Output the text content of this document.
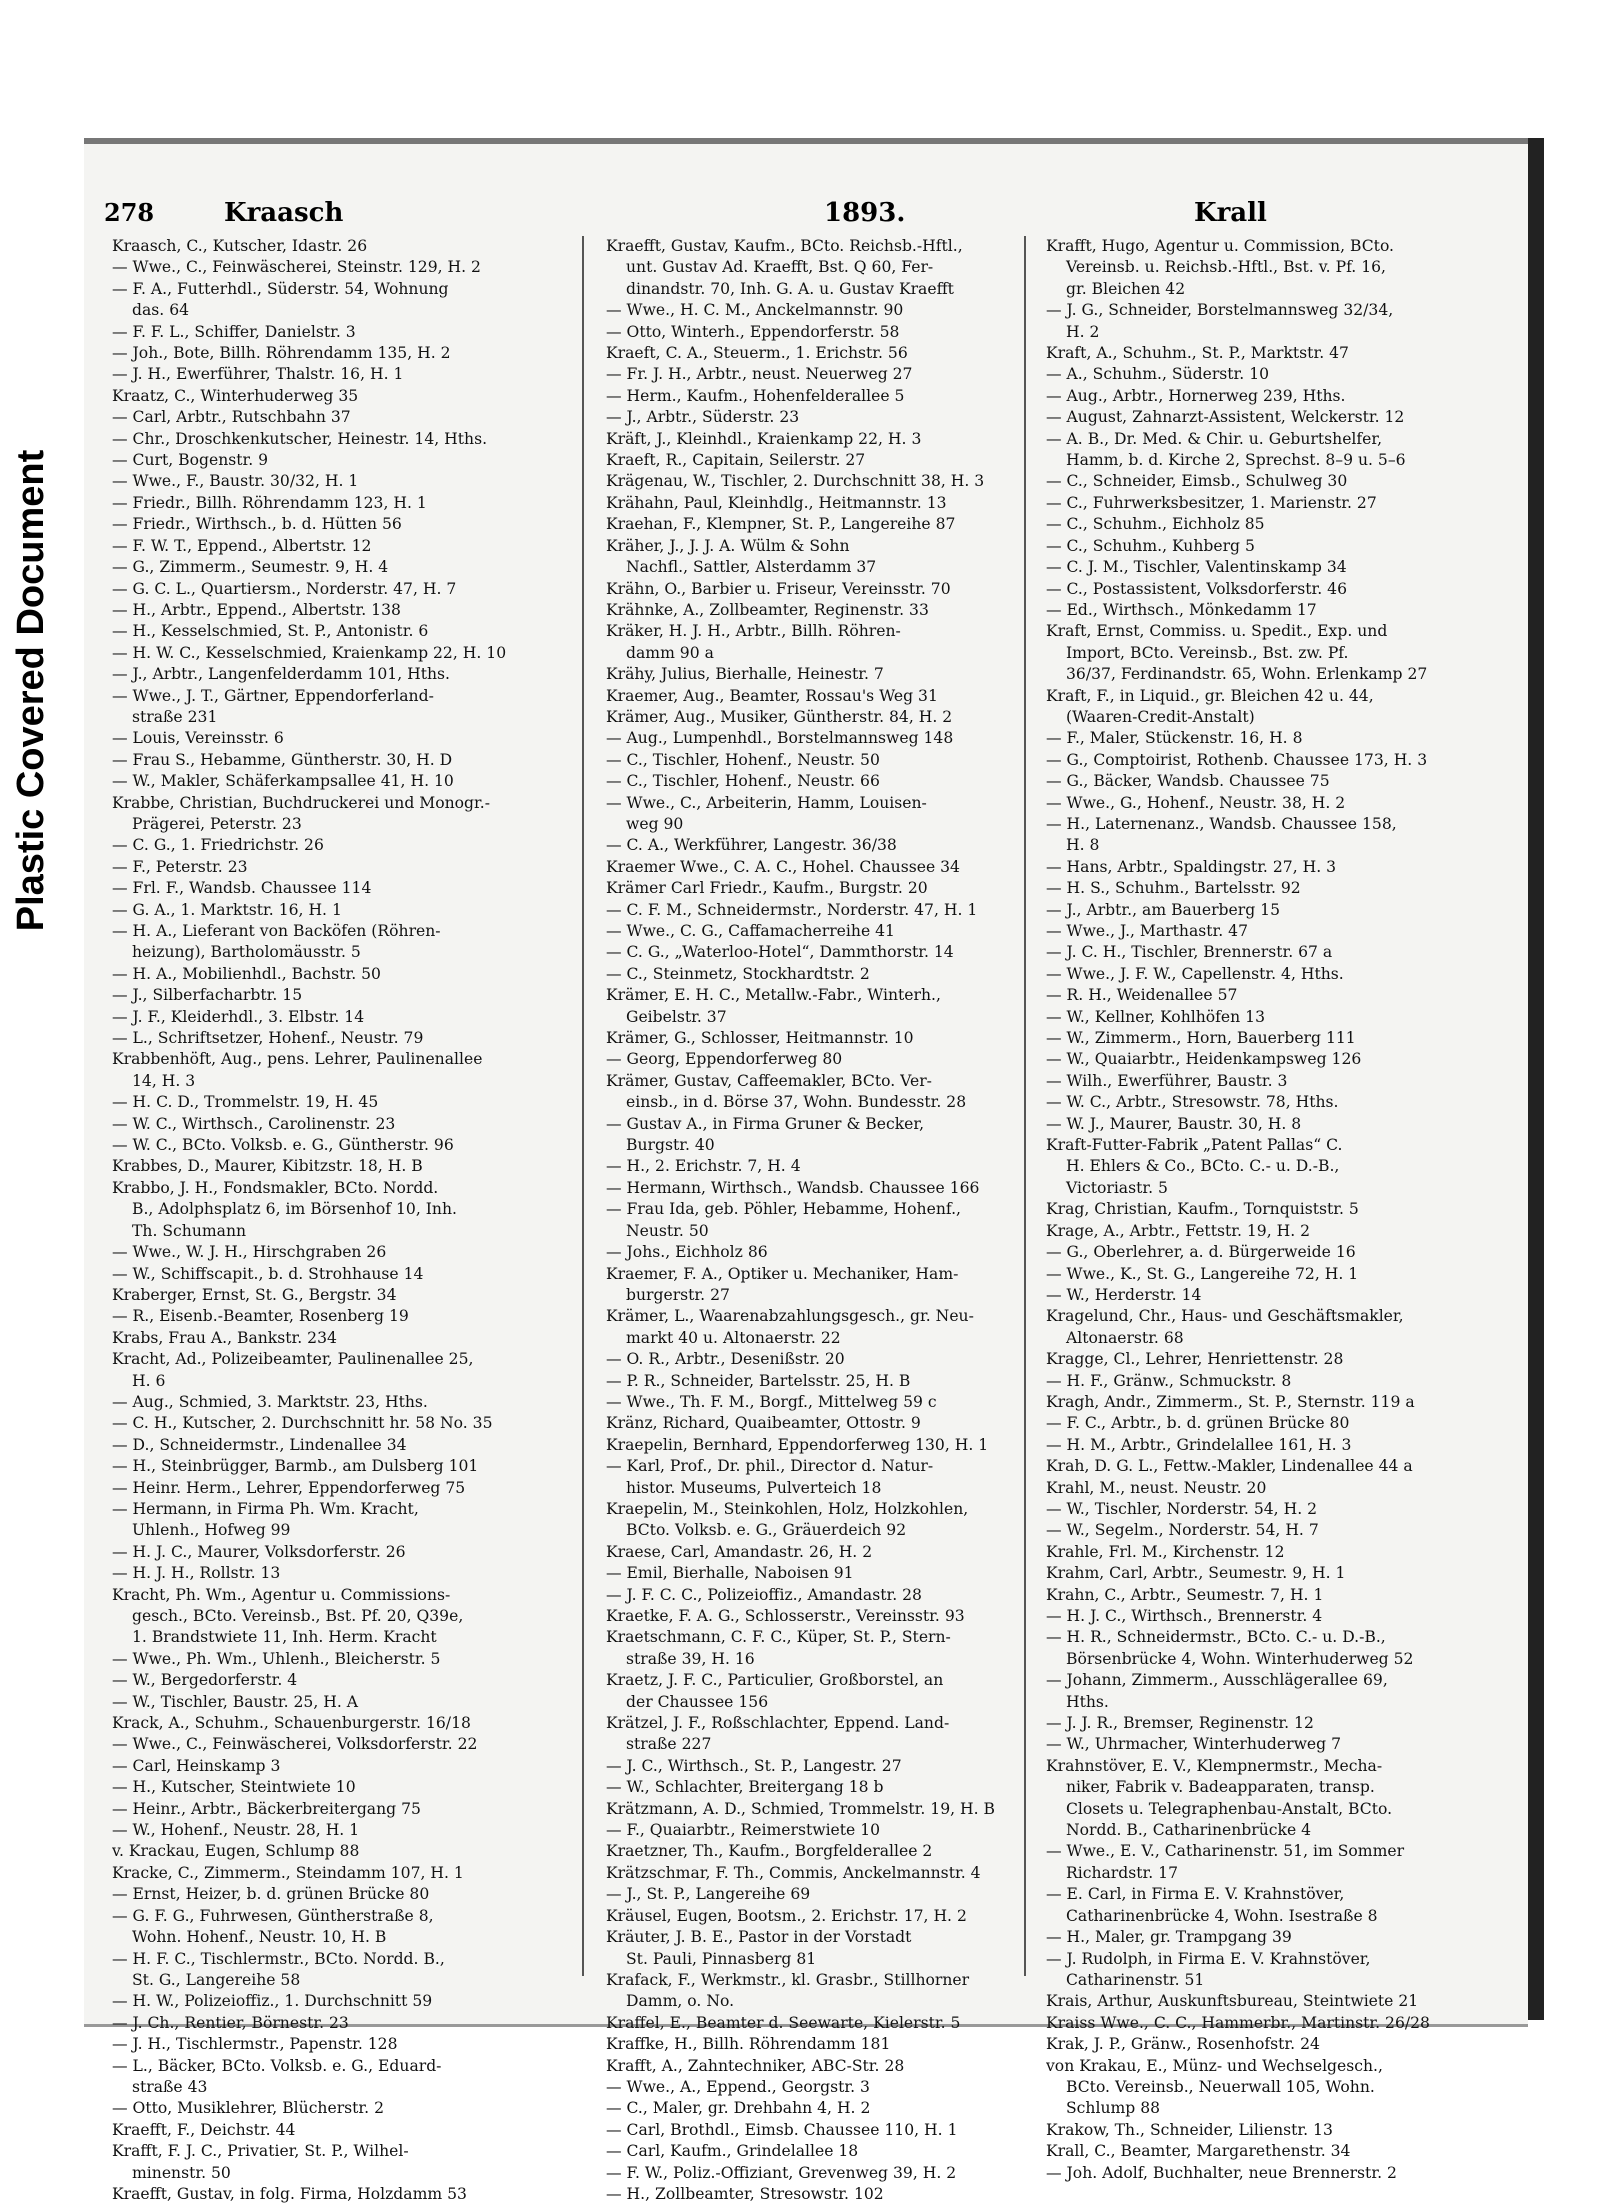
Plastic Covered Document
278	Kraasch	1893.	Krall

Kraasch, C., Kutscher, Idastr. 26

— Wwe., C., Feinwäscherei, Steinstr. 129, H. 2

— F. A., Futterhdl., Süderstr. 54, Wohnung

das. 64

— F. F. L., Schiffer, Danielstr. 3

— Joh., Bote, Billh. Röhrendamm 135, H. 2

— J. H., Ewerführer, Thalstr. 16, H. 1

Kraatz, C., Winterhuderweg 35

— Carl, Arbtr., Rutschbahn 37

— Chr., Droschkenkutscher, Heinestr. 14, Hths.

— Curt, Bogenstr. 9

— Wwe., F., Baustr. 30/32, H. 1

— Friedr., Billh. Röhrendamm 123, H. 1

— Friedr., Wirthsch., b. d. Hütten 56

— F. W. T., Eppend., Albertstr. 12

— G., Zimmerm., Seumestr. 9, H. 4

— G. C. L., Quartiersm., Norderstr. 47, H. 7

— H., Arbtr., Eppend., Albertstr. 138

— H., Kesselschmied, St. P., Antonistr. 6

— H. W. C., Kesselschmied, Kraienkamp 22, H. 10

— J., Arbtr., Langenfelderdamm 101, Hths.

— Wwe., J. T., Gärtner, Eppendorferland-

straße 231

— Louis, Vereinsstr. 6

— Frau S., Hebamme, Güntherstr. 30, H. D

— W., Makler, Schäferkampsallee 41, H. 10

Krabbe, Christian, Buchdruckerei und Monogr.-

Prägerei, Peterstr. 23

— C. G., 1. Friedrichstr. 26

— F., Peterstr. 23

— Frl. F., Wandsb. Chaussee 114

— G. A., 1. Marktstr. 16, H. 1

— H. A., Lieferant von Backöfen (Röhren-

heizung), Bartholomäusstr. 5

— H. A., Mobilienhdl., Bachstr. 50

— J., Silberfacharbtr. 15

— J. F., Kleiderhdl., 3. Elbstr. 14

— L., Schriftsetzer, Hohenf., Neustr. 79

Krabbenhöft, Aug., pens. Lehrer, Paulinenallee

14, H. 3

— H. C. D., Trommelstr. 19, H. 45

— W. C., Wirthsch., Carolinenstr. 23

— W. C., BCto. Volksb. e. G., Güntherstr. 96

Krabbes, D., Maurer, Kibitzstr. 18, H. B

Krabbo, J. H., Fondsmakler, BCto. Nordd.

B., Adolphsplatz 6, im Börsenhof 10, Inh.

Th. Schumann

— Wwe., W. J. H., Hirschgraben 26

— W., Schiffscapit., b. d. Strohhause 14

Kraberger, Ernst, St. G., Bergstr. 34

— R., Eisenb.-Beamter, Rosenberg 19

Krabs, Frau A., Bankstr. 234

Kracht, Ad., Polizeibeamter, Paulinenallee 25,

H. 6

— Aug., Schmied, 3. Marktstr. 23, Hths.

— C. H., Kutscher, 2. Durchschnitt hr. 58 No. 35

— D., Schneidermstr., Lindenallee 34

— H., Steinbrügger, Barmb., am Dulsberg 101

— Heinr. Herm., Lehrer, Eppendorferweg 75

— Hermann, in Firma Ph. Wm. Kracht,

Uhlenh., Hofweg 99

— H. J. C., Maurer, Volksdorferstr. 26

— H. J. H., Rollstr. 13

Kracht, Ph. Wm., Agentur u. Commissions-

gesch., BCto. Vereinsb., Bst. Pf. 20, Q39e,

1. Brandstwiete 11, Inh. Herm. Kracht

— Wwe., Ph. Wm., Uhlenh., Bleicherstr. 5

— W., Bergedorferstr. 4

— W., Tischler, Baustr. 25, H. A

Krack, A., Schuhm., Schauenburgerstr. 16/18

— Wwe., C., Feinwäscherei, Volksdorferstr. 22

— Carl, Heinskamp 3

— H., Kutscher, Steintwiete 10

— Heinr., Arbtr., Bäckerbreitergang 75

— W., Hohenf., Neustr. 28, H. 1

v. Krackau, Eugen, Schlump 88

Kracke, C., Zimmerm., Steindamm 107, H. 1

— Ernst, Heizer, b. d. grünen Brücke 80

— G. F. G., Fuhrwesen, Güntherstraße 8,

Wohn. Hohenf., Neustr. 10, H. B

— H. F. C., Tischlermstr., BCto. Nordd. B.,

St. G., Langereihe 58

— H. W., Polizeioffiz., 1. Durchschnitt 59

— J. Ch., Rentier, Börnestr. 23

— J. H., Tischlermstr., Papenstr. 128

— L., Bäcker, BCto. Volksb. e. G., Eduard-

straße 43

— Otto, Musiklehrer, Blücherstr. 2

Kraefft, F., Deichstr. 44

Krafft, F. J. C., Privatier, St. P., Wilhel-

minenstr. 50

Kraefft, Gustav, in folg. Firma, Holzdamm 53

Kraefft, Gustav, Kaufm., BCto. Reichsb.-Hftl.,

unt. Gustav Ad. Kraefft, Bst. Q 60, Fer-

dinandstr. 70, Inh. G. A. u. Gustav Kraefft

— Wwe., H. C. M., Anckelmannstr. 90

— Otto, Winterh., Eppendorferstr. 58

Kraeft, C. A., Steuerm., 1. Erichstr. 56

— Fr. J. H., Arbtr., neust. Neuerweg 27

— Herm., Kaufm., Hohenfelderallee 5

— J., Arbtr., Süderstr. 23

Kräft, J., Kleinhdl., Kraienkamp 22, H. 3

Kraeft, R., Capitain, Seilerstr. 27

Krägenau, W., Tischler, 2. Durchschnitt 38, H. 3

Krähahn, Paul, Kleinhdlg., Heitmannstr. 13

Kraehan, F., Klempner, St. P., Langereihe 87

Kräher, J., J. J. A. Wülm & Sohn

Nachfl., Sattler, Alsterdamm 37

Krähn, O., Barbier u. Friseur, Vereinsstr. 70

Krähnke, A., Zollbeamter, Reginenstr. 33

Kräker, H. J. H., Arbtr., Billh. Röhren-

damm 90 a

Krähy, Julius, Bierhalle, Heinestr. 7

Kraemer, Aug., Beamter, Rossau's Weg 31

Krämer, Aug., Musiker, Güntherstr. 84, H. 2

— Aug., Lumpenhdl., Borstelmannsweg 148

— C., Tischler, Hohenf., Neustr. 50

— C., Tischler, Hohenf., Neustr. 66

— Wwe., C., Arbeiterin, Hamm, Louisen-

weg 90

— C. A., Werkführer, Langestr. 36/38

Kraemer Wwe., C. A. C., Hohel. Chaussee 34

Krämer Carl Friedr., Kaufm., Burgstr. 20

— C. F. M., Schneidermstr., Norderstr. 47, H. 1

— Wwe., C. G., Caffamacherreihe 41

— C. G., „Waterloo-Hotel“, Dammthorstr. 14

— C., Steinmetz, Stockhardtstr. 2

Krämer, E. H. C., Metallw.-Fabr., Winterh.,

Geibelstr. 37

Krämer, G., Schlosser, Heitmannstr. 10

— Georg, Eppendorferweg 80

Krämer, Gustav, Caffeemakler, BCto. Ver-

einsb., in d. Börse 37, Wohn. Bundesstr. 28

— Gustav A., in Firma Gruner & Becker,

Burgstr. 40

— H., 2. Erichstr. 7, H. 4

— Hermann, Wirthsch., Wandsb. Chaussee 166

— Frau Ida, geb. Pöhler, Hebamme, Hohenf.,

Neustr. 50

— Johs., Eichholz 86

Kraemer, F. A., Optiker u. Mechaniker, Ham-

burgerstr. 27

Krämer, L., Waarenabzahlungsgesch., gr. Neu-

markt 40 u. Altonaerstr. 22

— O. R., Arbtr., Desenißstr. 20

— P. R., Schneider, Bartelsstr. 25, H. B

— Wwe., Th. F. M., Borgf., Mittelweg 59 c

Kränz, Richard, Quaibeamter, Ottostr. 9

Kraepelin, Bernhard, Eppendorferweg 130, H. 1

— Karl, Prof., Dr. phil., Director d. Natur-

histor. Museums, Pulverteich 18

Kraepelin, M., Steinkohlen, Holz, Holzkohlen,

BCto. Volksb. e. G., Gräuerdeich 92

Kraese, Carl, Amandastr. 26, H. 2

— Emil, Bierhalle, Naboisen 91

— J. F. C. C., Polizeioffiz., Amandastr. 28

Kraetke, F. A. G., Schlosserstr., Vereinsstr. 93

Kraetschmann, C. F. C., Küper, St. P., Stern-

straße 39, H. 16

Kraetz, J. F. C., Particulier, Großborstel, an

der Chaussee 156

Krätzel, J. F., Roßschlachter, Eppend. Land-

straße 227

— J. C., Wirthsch., St. P., Langestr. 27

— W., Schlachter, Breitergang 18 b

Krätzmann, A. D., Schmied, Trommelstr. 19, H. B

— F., Quaiarbtr., Reimerstwiete 10

Kraetzner, Th., Kaufm., Borgfelderallee 2

Krätzschmar, F. Th., Commis, Anckelmannstr. 4

— J., St. P., Langereihe 69

Kräusel, Eugen, Bootsm., 2. Erichstr. 17, H. 2

Kräuter, J. B. E., Pastor in der Vorstadt

St. Pauli, Pinnasberg 81

Krafack, F., Werkmstr., kl. Grasbr., Stillhorner

Damm, o. No.

Kraffel, E., Beamter d. Seewarte, Kielerstr. 5

Kraffke, H., Billh. Röhrendamm 181

Krafft, A., Zahntechniker, ABC-Str. 28

— Wwe., A., Eppend., Georgstr. 3

— C., Maler, gr. Drehbahn 4, H. 2

— Carl, Brothdl., Eimsb. Chaussee 110, H. 1

— Carl, Kaufm., Grindelallee 18

— F. W., Poliz.-Offiziant, Grevenweg 39, H. 2

— H., Zollbeamter, Stresowstr. 102

Krafft, Hugo, Agentur u. Commission, BCto.

Vereinsb. u. Reichsb.-Hftl., Bst. v. Pf. 16,

gr. Bleichen 42

— J. G., Schneider, Borstelmannsweg 32/34,

H. 2

Kraft, A., Schuhm., St. P., Marktstr. 47

— A., Schuhm., Süderstr. 10

— Aug., Arbtr., Hornerweg 239, Hths.

— August, Zahnarzt-Assistent, Welckerstr. 12

— A. B., Dr. Med. & Chir. u. Geburtshelfer,

Hamm, b. d. Kirche 2, Sprechst. 8–9 u. 5–6

— C., Schneider, Eimsb., Schulweg 30

— C., Fuhrwerksbesitzer, 1. Marienstr. 27

— C., Schuhm., Eichholz 85

— C., Schuhm., Kuhberg 5

— C. J. M., Tischler, Valentinskamp 34

— C., Postassistent, Volksdorferstr. 46

— Ed., Wirthsch., Mönkedamm 17

Kraft, Ernst, Commiss. u. Spedit., Exp. und

Import, BCto. Vereinsb., Bst. zw. Pf.

36/37, Ferdinandstr. 65, Wohn. Erlenkamp 27

Kraft, F., in Liquid., gr. Bleichen 42 u. 44,

(Waaren-Credit-Anstalt)

— F., Maler, Stückenstr. 16, H. 8

— G., Comptoirist, Rothenb. Chaussee 173, H. 3

— G., Bäcker, Wandsb. Chaussee 75

— Wwe., G., Hohenf., Neustr. 38, H. 2

— H., Laternenanz., Wandsb. Chaussee 158,

H. 8

— Hans, Arbtr., Spaldingstr. 27, H. 3

— H. S., Schuhm., Bartelsstr. 92

— J., Arbtr., am Bauerberg 15

— Wwe., J., Marthastr. 47

— J. C. H., Tischler, Brennerstr. 67 a

— Wwe., J. F. W., Capellenstr. 4, Hths.

— R. H., Weidenallee 57

— W., Kellner, Kohlhöfen 13

— W., Zimmerm., Horn, Bauerberg 111

— W., Quaiarbtr., Heidenkampsweg 126

— Wilh., Ewerführer, Baustr. 3

— W. C., Arbtr., Stresowstr. 78, Hths.

— W. J., Maurer, Baustr. 30, H. 8

Kraft-Futter-Fabrik „Patent Pallas“ C.

H. Ehlers & Co., BCto. C.- u. D.-B.,

Victoriastr. 5

Krag, Christian, Kaufm., Tornquiststr. 5

Krage, A., Arbtr., Fettstr. 19, H. 2

— G., Oberlehrer, a. d. Bürgerweide 16

— Wwe., K., St. G., Langereihe 72, H. 1

— W., Herderstr. 14

Kragelund, Chr., Haus- und Geschäftsmakler,

Altonaerstr. 68

Kragge, Cl., Lehrer, Henriettenstr. 28

— H. F., Gränw., Schmuckstr. 8

Kragh, Andr., Zimmerm., St. P., Sternstr. 119 a

— F. C., Arbtr., b. d. grünen Brücke 80

— H. M., Arbtr., Grindelallee 161, H. 3

Krah, D. G. L., Fettw.-Makler, Lindenallee 44 a

Krahl, M., neust. Neustr. 20

— W., Tischler, Norderstr. 54, H. 2

— W., Segelm., Norderstr. 54, H. 7

Krahle, Frl. M., Kirchenstr. 12

Krahm, Carl, Arbtr., Seumestr. 9, H. 1

Krahn, C., Arbtr., Seumestr. 7, H. 1

— H. J. C., Wirthsch., Brennerstr. 4

— H. R., Schneidermstr., BCto. C.- u. D.-B.,

Börsenbrücke 4, Wohn. Winterhuderweg 52

— Johann, Zimmerm., Ausschlägerallee 69,

Hths.

— J. J. R., Bremser, Reginenstr. 12

— W., Uhrmacher, Winterhuderweg 7

Krahnstöver, E. V., Klempnermstr., Mecha-

niker, Fabrik v. Badeapparaten, transp.

Closets u. Telegraphenbau-Anstalt, BCto.

Nordd. B., Catharinenbrücke 4

— Wwe., E. V., Catharinenstr. 51, im Sommer

Richardstr. 17

— E. Carl, in Firma E. V. Krahnstöver,

Catharinenbrücke 4, Wohn. Isestraße 8

— H., Maler, gr. Trampgang 39

— J. Rudolph, in Firma E. V. Krahnstöver,

Catharinenstr. 51

Krais, Arthur, Auskunftsbureau, Steintwiete 21

Kraiss Wwe., C. C., Hammerbr., Martinstr. 26/28

Krak, J. P., Gränw., Rosenhofstr. 24

von Krakau, E., Münz- und Wechselgesch.,

BCto. Vereinsb., Neuerwall 105, Wohn.

Schlump 88

Krakow, Th., Schneider, Lilienstr. 13

Krall, C., Beamter, Margarethenstr. 34

— Joh. Adolf, Buchhalter, neue Brennerstr. 2
